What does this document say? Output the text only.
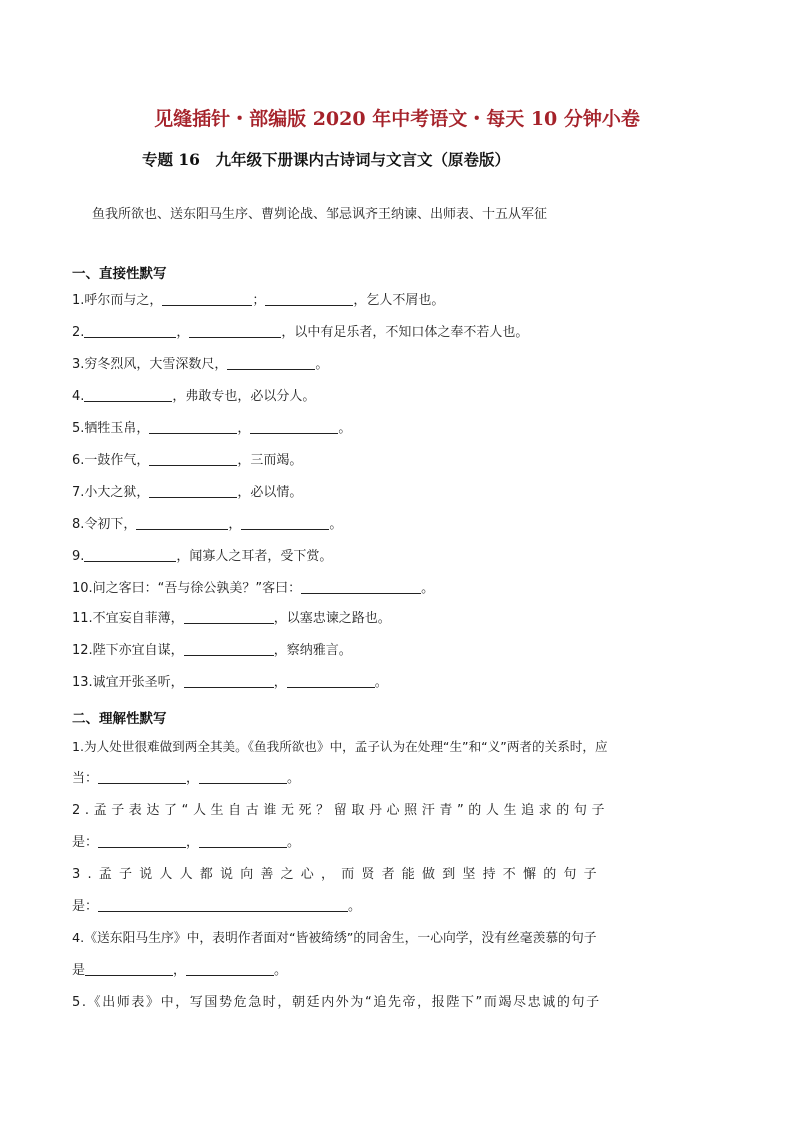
见缝插针・部编版 2020 年中考语文・每天 10 分钟小卷
专题 16　九年级下册课内古诗词与文言文（原卷版）
鱼我所欲也、送东阳马生序、曹刿论战、邹忌讽齐王纳谏、出师表、十五从军征
一、直接性默写
1.呼尔而与之，	；	，乞人不屑也。
2.	，	，以中有足乐者，不知口体之奉不若人也。
3.穷冬烈风，大雪深数尺，	。
4.	，弗敢专也，必以分人。
5.牺牲玉帛，	，	。
6.一鼓作气，	，三而竭。
7.小大之狱，	，必以情。
8.令初下，	，	。
9.	，闻寡人之耳者，受下赏。
10.问之客曰：“吾与徐公孰美？”客曰：	。
11.不宜妄自菲薄，	，以塞忠谏之路也。
12.陛下亦宜自谋，	，察纳雅言。
13.诚宜开张圣听，	，	。
二、理解性默写
1.为人处世很难做到两全其美。《鱼我所欲也》中，孟子认为在处理“生”和“义”两者的关系时，应
当：	，	。
2.孟子表达了“人生自古谁无死？留取丹心照汗青”的人生追求的句子
是：	，	。
3.孟子说人人都说向善之心，而贤者能做到坚持不懈的句子
是：	。
4.《送东阳马生序》中，表明作者面对“皆被绮绣”的同舍生，一心向学，没有丝毫羡慕的句子
是	，	。
5.《出师表》中，写国势危急时，朝廷内外为“追先帝，报陛下”而竭尽忠诚的句子
